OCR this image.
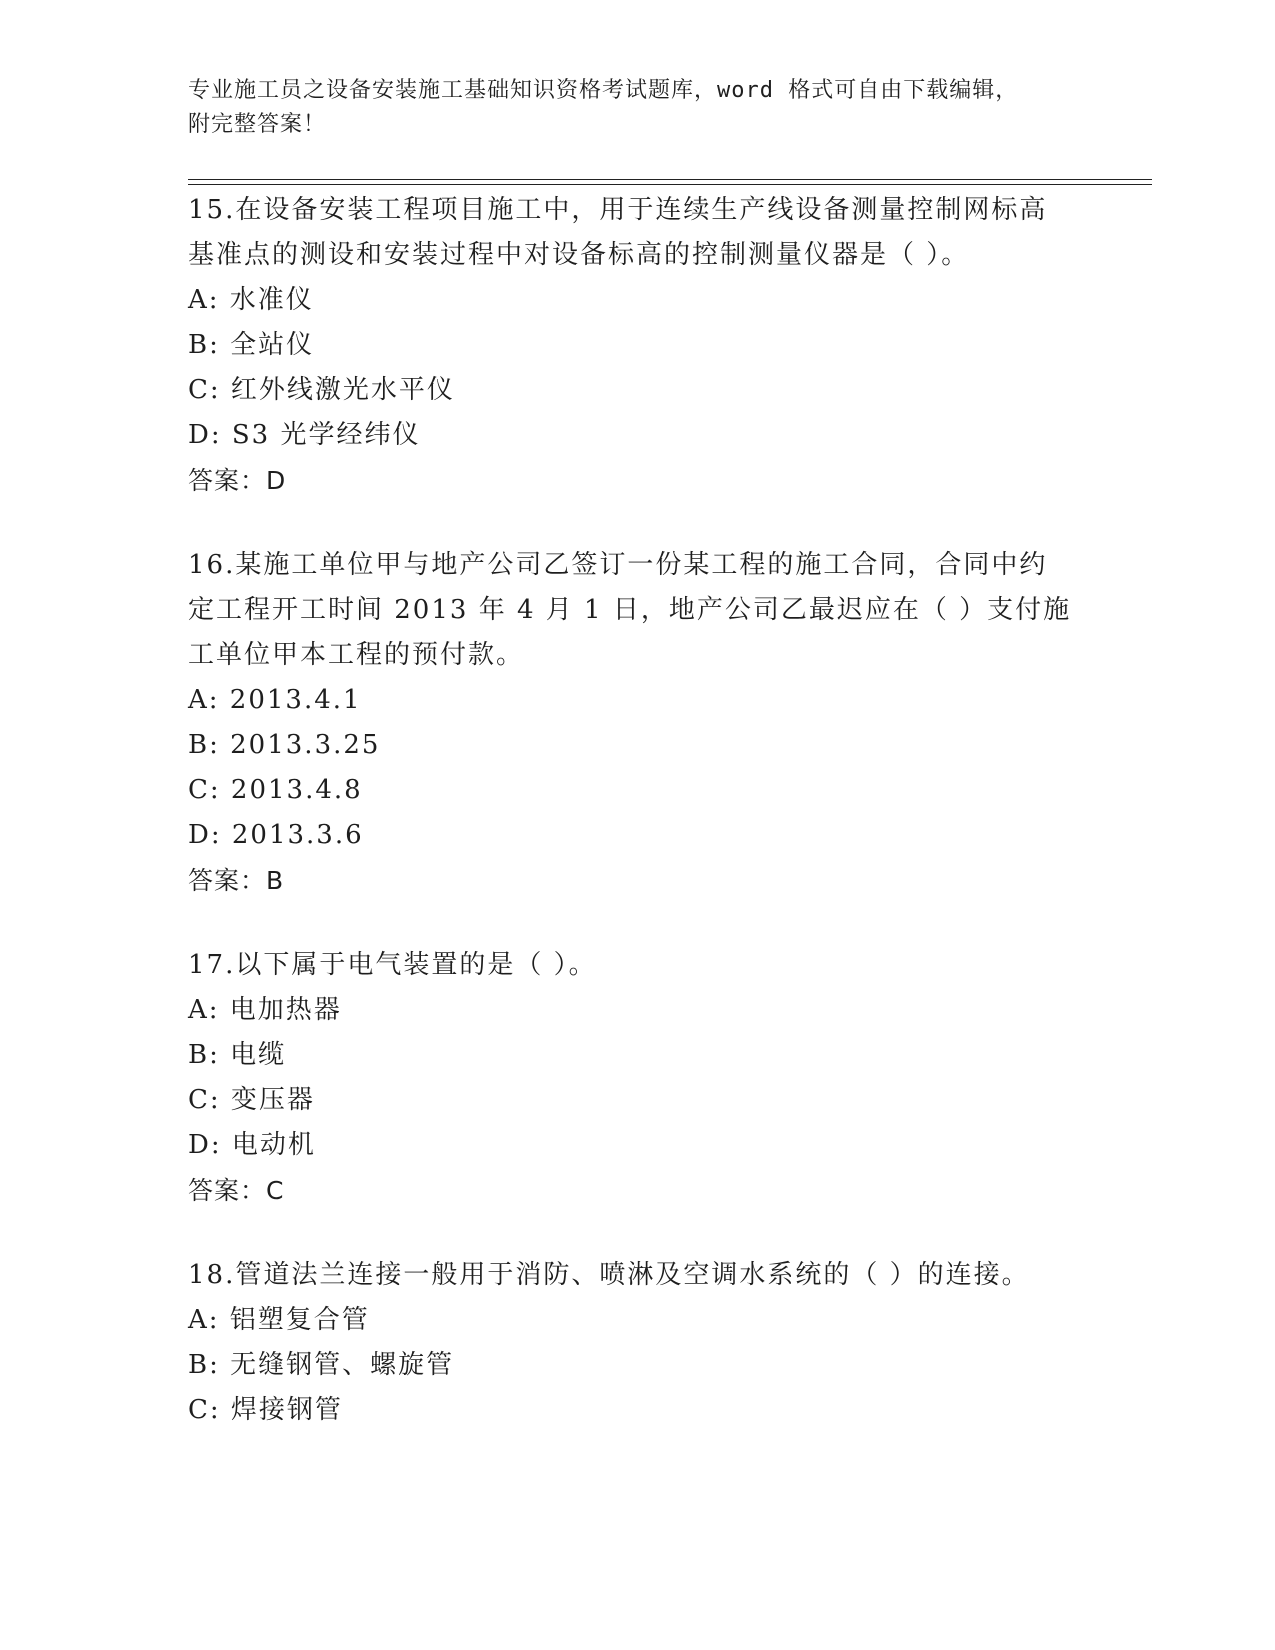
专业施工员之设备安装施工基础知识资格考试题库，word 格式可自由下载编辑，
附完整答案！
15.在设备安装工程项目施工中，用于连续生产线设备测量控制网标高
基准点的测设和安装过程中对设备标高的控制测量仪器是（ ）。
A: 水准仪
B: 全站仪
C: 红外线激光水平仪
D: S3 光学经纬仪
答案：D
16.某施工单位甲与地产公司乙签订一份某工程的施工合同，合同中约
定工程开工时间 2013 年 4 月 1 日，地产公司乙最迟应在（ ）支付施
工单位甲本工程的预付款。
A: 2013.4.1
B: 2013.3.25
C: 2013.4.8
D: 2013.3.6
答案：B
17.以下属于电气装置的是（ ）。
A: 电加热器
B: 电缆
C: 变压器
D: 电动机
答案：C
18.管道法兰连接一般用于消防、喷淋及空调水系统的（ ）的连接。
A: 铝塑复合管
B: 无缝钢管、螺旋管
C: 焊接钢管
